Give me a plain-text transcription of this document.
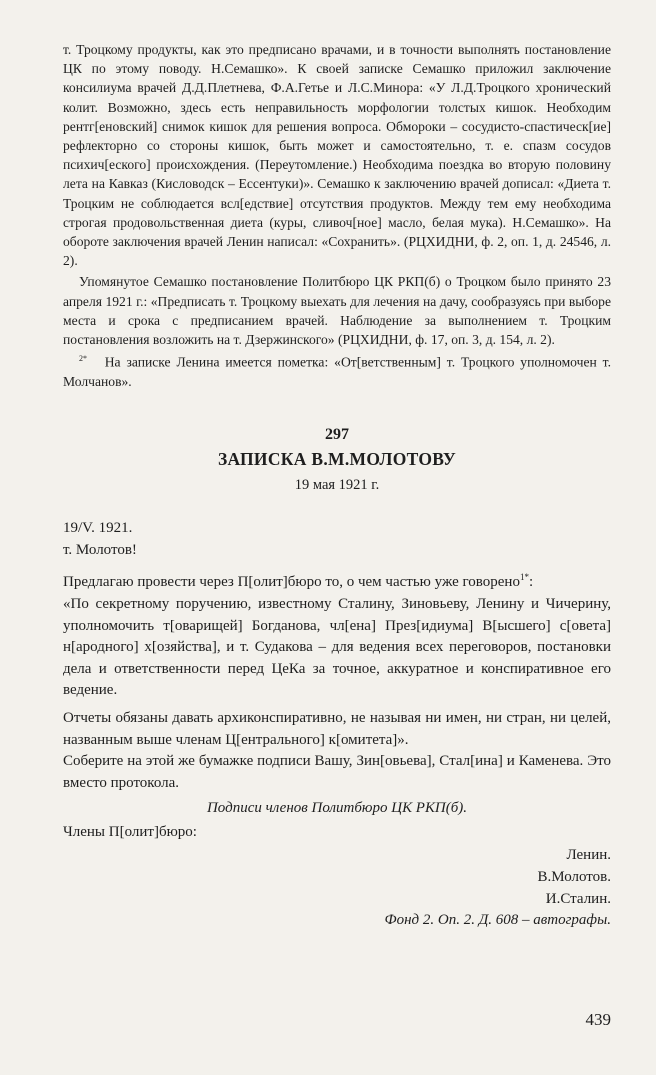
т. Троцкому продукты, как это предписано врачами, и в точности выполнять постановление ЦК по этому поводу. Н.Семашко». К своей записке Семашко приложил заключение консилиума врачей Д.Д.Плетнева, Ф.А.Гетье и Л.С.Минора: «У Л.Д.Троцкого хронический колит. Возможно, здесь есть неправильность морфологии толстых кишок. Необходим рентг[еновский] снимок кишок для решения вопроса. Обмороки – сосудисто-спастическ[ие] рефлекторно со стороны кишок, быть может и самостоятельно, т. е. спазм сосудов психич[еского] происхождения. (Переутомление.) Необходима поездка во вторую половину лета на Кавказ (Кисловодск – Ессентуки)». Семашко к заключению врачей дописал: «Диета т. Троцким не соблюдается всл[едствие] отсутствия продуктов. Между тем ему необходима строгая продовольственная диета (куры, сливоч[ное] масло, белая мука). Н.Семашко». На обороте заключения врачей Ленин написал: «Сохранить». (РЦХИДНИ, ф. 2, оп. 1, д. 24546, л. 2).

Упомянутое Семашко постановление Политбюро ЦК РКП(б) о Троцком было принято 23 апреля 1921 г.: «Предписать т. Троцкому выехать для лечения на дачу, сообразуясь при выборе места и срока с предписанием врачей. Наблюдение за выполнением т. Троцким постановления возложить на т. Дзержинского» (РЦХИДНИ, ф. 17, оп. 3, д. 154, л. 2).

$^{2*}$ На записке Ленина имеется пометка: «От[ветственным] т. Троцкого уполномочен т. Молчанов».

297
ЗАПИСКА В.М.МОЛОТОВУ
19 мая 1921 г.

19/V. 1921.

т. Молотов!

Предлагаю провести через П[олит]бюро то, о чем частью уже говорено$^{1*}$:

«По секретному поручению, известному Сталину, Зиновьеву, Ленину и Чичерину, уполномочить т[оварищей] Богданова, чл[ена] През[идиума] В[ысшего] с[овета] н[ародного] х[озяйства], и т. Судакова – для ведения всех переговоров, постановки дела и ответственности перед ЦеКа за точное, аккуратное и конспиративное его ведение.

Отчеты обязаны давать архиконспиративно, не называя ни имен, ни стран, ни целей, названным выше членам Ц[ентрального] к[омитета]».

Соберите на этой же бумажке подписи Вашу, Зин[овьева], Стал[ина] и Каменева. Это вместо протокола.

Подписи членов Политбюро ЦК РКП(б).

Члены П[олит]бюро:

Ленин.
В.Молотов.
И.Сталин.
Фонд 2. Оп. 2. Д. 608 – автографы.
439
